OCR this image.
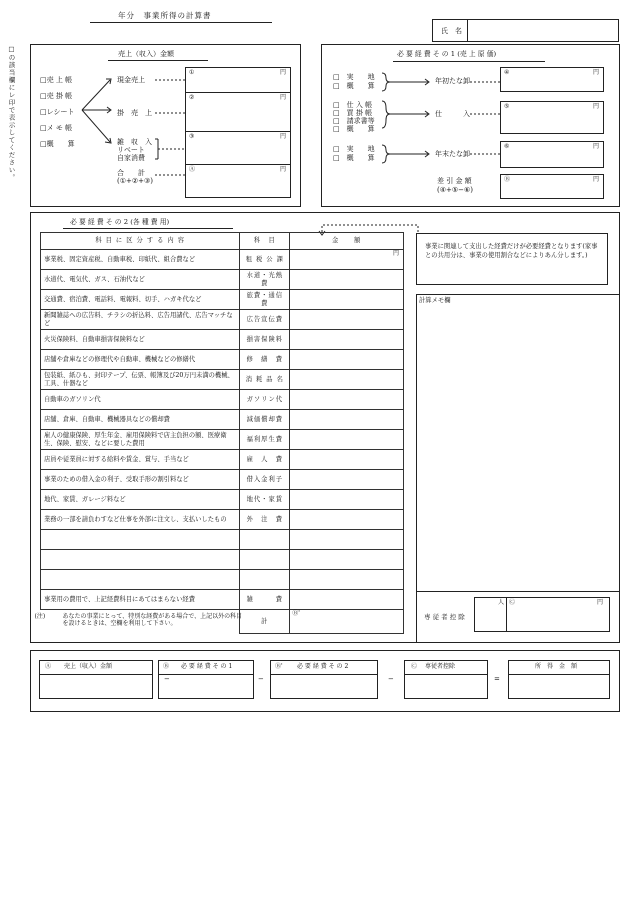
年分　事業所得の計算書
氏　名
□の該当欄にレ印で表示してください。	売上（収入）金額
□売 上 帳
□売 掛 帳
□レシート
□メ モ 帳
□概　　算
現金売上
掛　売　上
雑　収　入
リベート
自家消費
合　　計
(①+②+③)
①	円
②	円
③	円
Ⓐ	円
必 要 経 費 そ の 1 (売 上 原 価)
□　実　　地
□　概　　算
□　仕 入 帳
□　買 掛 帳
□　請求書等
□　概　　算
□　実　　地
□　概　　算
年初たな卸
仕　　　入
年末たな卸
差 引 金 額
(④+⑤−⑥)
④	円
⑤	円
⑥	円
Ⓑ	円
必 要 経 費 そ の 2 (各 種 費 用)
科 目 に 区 分 す る 内 容	科　目	金　　額
事業税、固定資産税、自動車税、印紙代、組合費など	租 税 公 課	円

水道代、電気代、ガス、石油代など	水道・光熱費	
交通費、宿泊費、電話料、電報料、切手、ハガキ代など	旅費・通信費	
新聞雑誌への広告料、チラシの折込料、広告用諸代、広告マッチなど	広告宣伝費	
火災保険料、自動車損害保険料など	損害保険料	
店舗や倉庫などの修理代や自動車、機械などの修繕代	修　繕　費	
包装紙、紙ひも、封印テープ、伝票、帳簿及び20万円未満の機械、工具、什器など	消 耗 品 名	
自動車のガソリン代	ガソリン代	
店舗、倉庫、自動車、機械器具などの償却費	減価償却費	
雇人の健康保険、厚生年金、雇用保険料で店主負担の額、医療衛生、保険、慰安、などに要した費用	福利厚生費	
店員や従業員に対する給料や賃金、賞与、手当など	雇　人　費	
事業のための借入金の利子、受取手形の割引料など	借入金利子	
地代、家賃、ガレージ料など	地代・家賃	
業務の一部を請負わすなど仕事を外部に注文し、支払いしたもの	外　注　費	

事業用の費用で、上記経費科目にあてはまらない経費	雑　　　費	

(注) あなたの事業にとって、特別な経費がある場合で、上記以外の科目を設けるときは、空欄を利用して下さい。	計	Ⓑ'
事業に関連して支出した経費だけが必要経費となります(家事との共用分は、事業の使用割合などによりあん分します。)
計算メモ欄
専 従 者 控 除
人 Ⓒ	円
Ⓐ 売上（収入）金額
−
Ⓑ 必 要 経 費 そ の 1
−
Ⓑ' 必 要 経 費 そ の 2
−
Ⓒ 専従者控除
=
所　得　金　額
